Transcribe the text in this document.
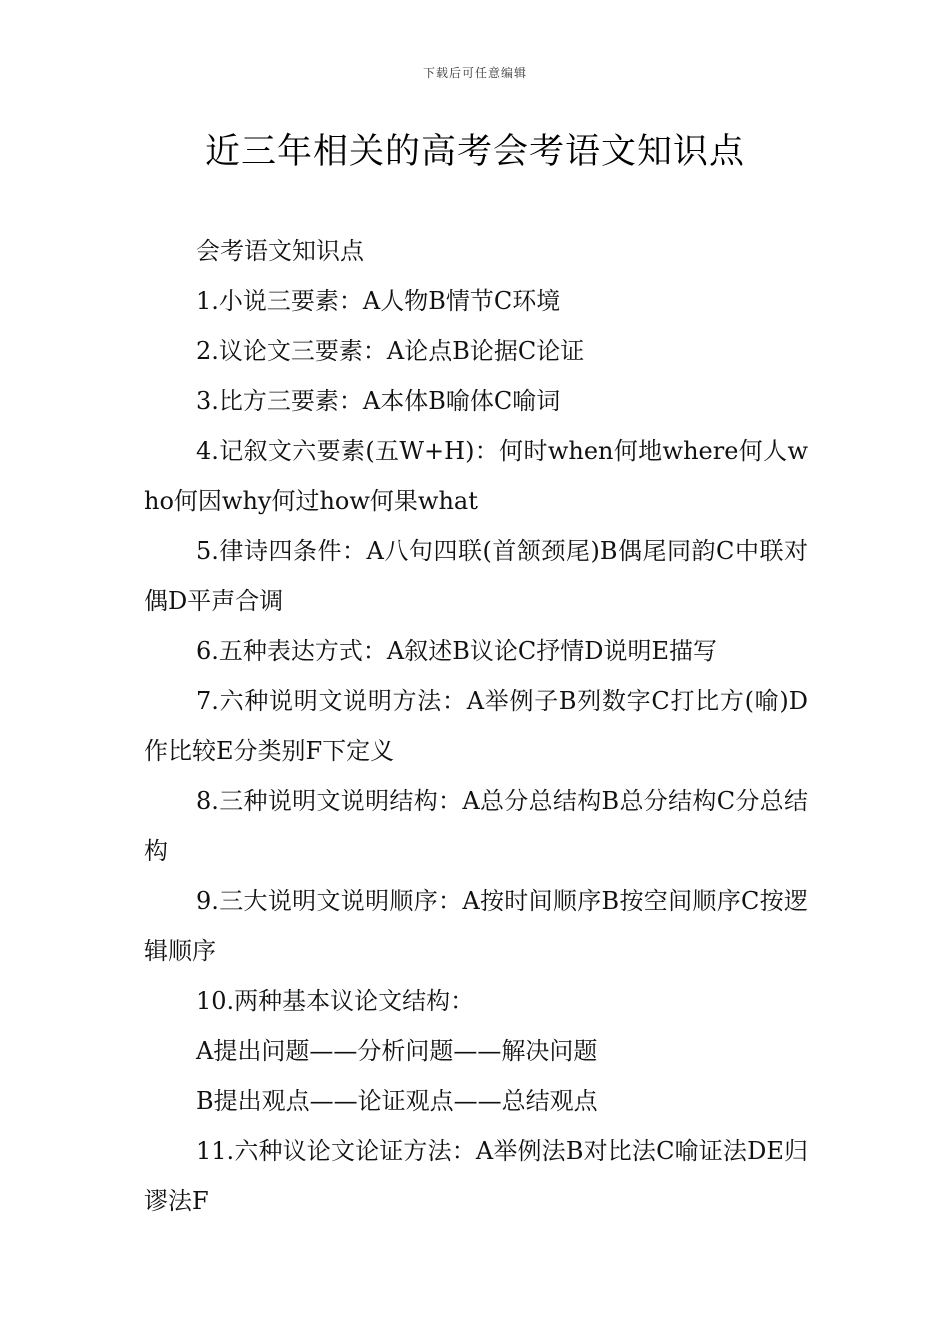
下载后可任意编辑
近三年相关的高考会考语文知识点

会考语文知识点

1.小说三要素：A人物B情节C环境

2.议论文三要素：A论点B论据C论证

3.比方三要素：A本体B喻体C喻词

4.记叙文六要素(五W+H)：何时when何地where何人who何因why何过how何果what

5.律诗四条件：A八句四联(首颔颈尾)B偶尾同韵C中联对偶D平声合调

6.五种表达方式：A叙述B议论C抒情D说明E描写

7.六种说明文说明方法：A举例子B列数字C打比方(喻)D作比较E分类别F下定义

8.三种说明文说明结构：A总分总结构B总分结构C分总结构

9.三大说明文说明顺序：A按时间顺序B按空间顺序C按逻辑顺序

10.两种基本议论文结构：

A提出问题——分析问题——解决问题

B提出观点——论证观点——总结观点

11.六种议论文论证方法：A举例法B对比法C喻证法DE归谬法F
